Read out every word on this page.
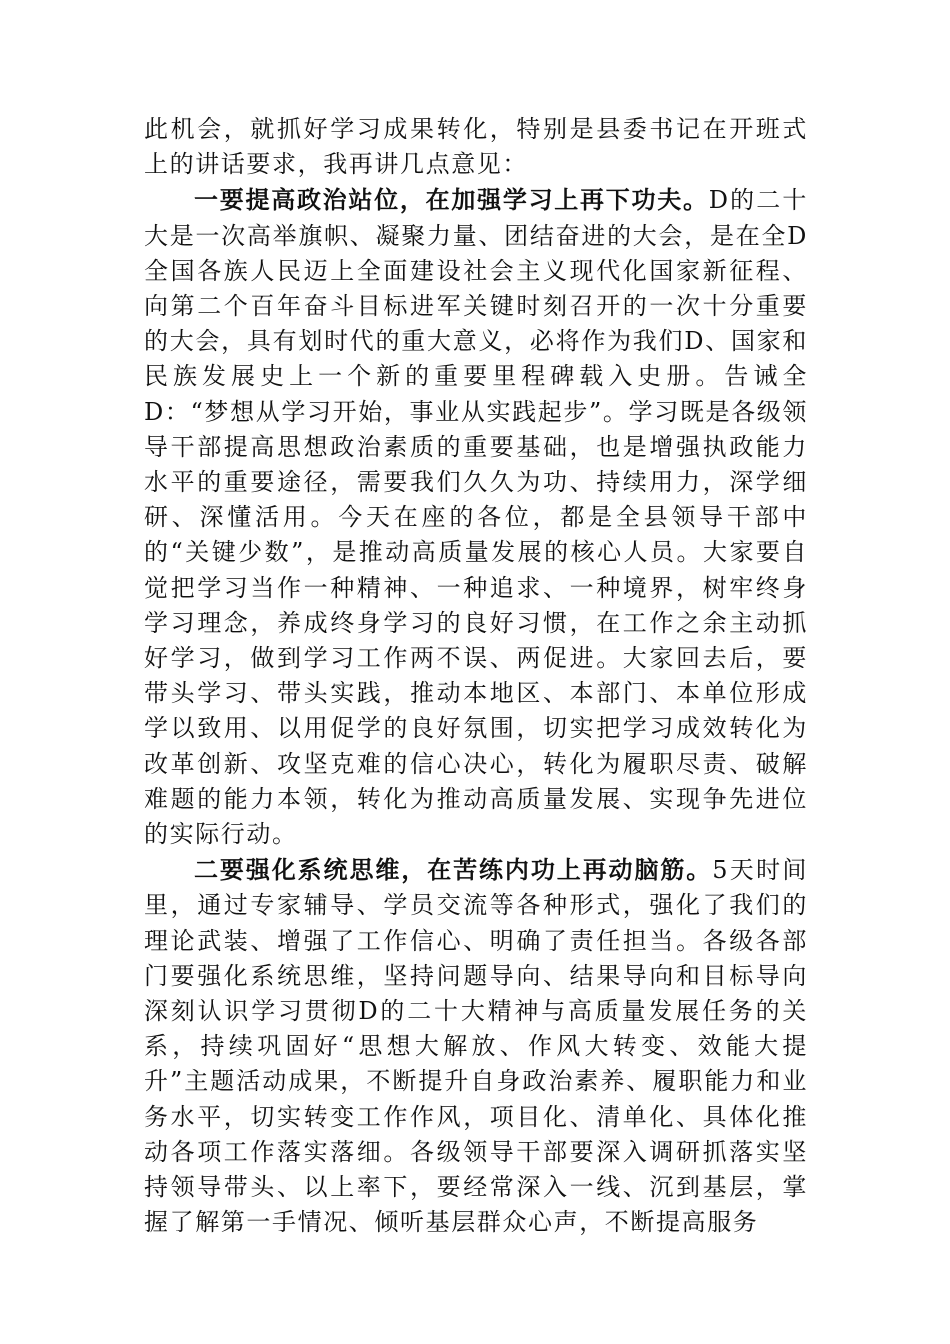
此机会，就抓好学习成果转化，特别是县委书记在开班式上的讲话要求，我再讲几点意见：

一要提高政治站位，在加强学习上再下功夫。D的二十大是一次高举旗帜、凝聚力量、团结奋进的大会，是在全D全国各族人民迈上全面建设社会主义现代化国家新征程、向第二个百年奋斗目标进军关键时刻召开的一次十分重要的大会，具有划时代的重大意义，必将作为我们D、国家和民族发展史上一个新的重要里程碑载入史册。告诫全D：“梦想从学习开始，事业从实践起步”。学习既是各级领导干部提高思想政治素质的重要基础，也是增强执政能力水平的重要途径，需要我们久久为功、持续用力，深学细研、深懂活用。今天在座的各位，都是全县领导干部中的“关键少数”，是推动高质量发展的核心人员。大家要自觉把学习当作一种精神、一种追求、一种境界，树牢终身学习理念，养成终身学习的良好习惯，在工作之余主动抓好学习，做到学习工作两不误、两促进。大家回去后，要带头学习、带头实践，推动本地区、本部门、本单位形成学以致用、以用促学的良好氛围，切实把学习成效转化为改革创新、攻坚克难的信心决心，转化为履职尽责、破解难题的能力本领，转化为推动高质量发展、实现争先进位的实际行动。

二要强化系统思维，在苦练内功上再动脑筋。5天时间里，通过专家辅导、学员交流等各种形式，强化了我们的理论武装、增强了工作信心、明确了责任担当。各级各部门要强化系统思维，坚持问题导向、结果导向和目标导向深刻认识学习贯彻D的二十大精神与高质量发展任务的关系，持续巩固好“思想大解放、作风大转变、效能大提升”主题活动成果，不断提升自身政治素养、履职能力和业务水平，切实转变工作作风，项目化、清单化、具体化推动各项工作落实落细。各级领导干部要深入调研抓落实坚持领导带头、以上率下，要经常深入一线、沉到基层，掌握了解第一手情况、倾听基层群众心声，不断提高服务
